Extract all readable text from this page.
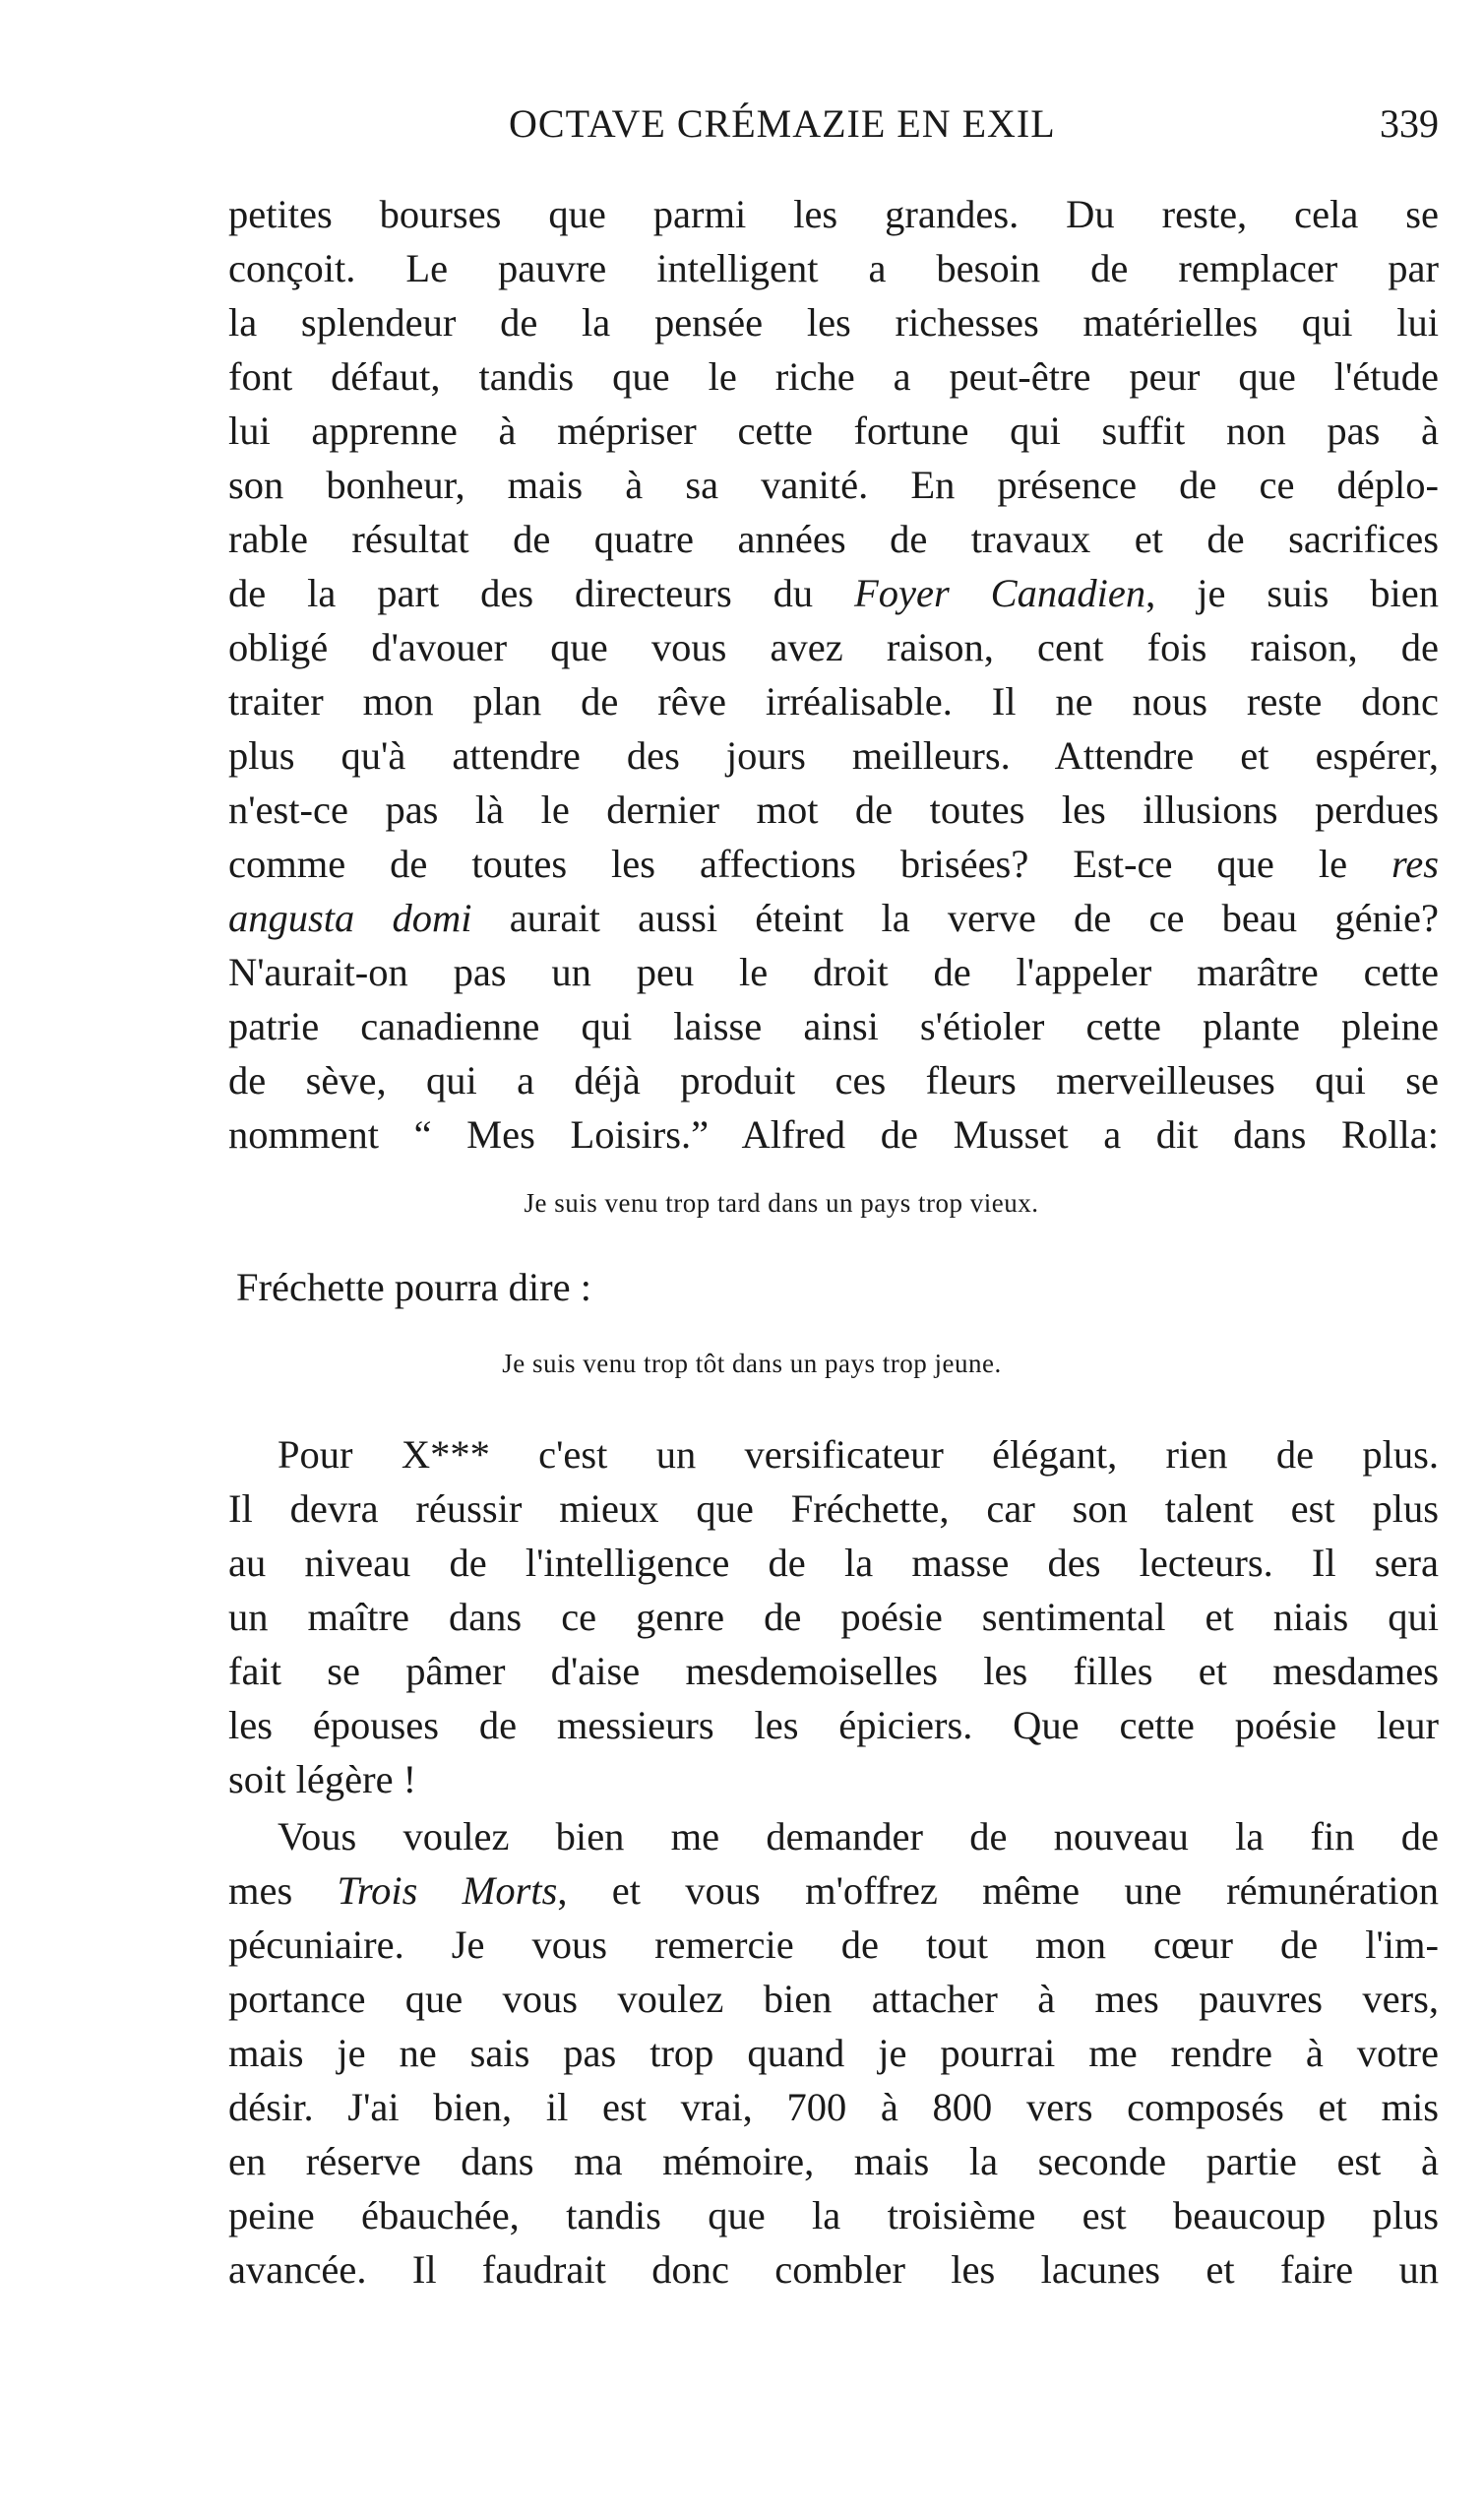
OCTAVE CRÉMAZIE EN EXIL	339
petites bourses que parmi les grandes. Du reste, cela se
conçoit. Le pauvre intelligent a besoin de remplacer par
la splendeur de la pensée les richesses matérielles qui lui
font défaut, tandis que le riche a peut-être peur que l'étude
lui apprenne à mépriser cette fortune qui suffit non pas à
son bonheur, mais à sa vanité. En présence de ce déplo-
rable résultat de quatre années de travaux et de sacrifices
de la part des directeurs du Foyer Canadien, je suis bien
obligé d'avouer que vous avez raison, cent fois raison, de
traiter mon plan de rêve irréalisable. Il ne nous reste donc
plus qu'à attendre des jours meilleurs. Attendre et espérer,
n'est-ce pas là le dernier mot de toutes les illusions perdues
comme de toutes les affections brisées? Est-ce que le res
angusta domi aurait aussi éteint la verve de ce beau génie?
N'aurait-on pas un peu le droit de l'appeler marâtre cette
patrie canadienne qui laisse ainsi s'étioler cette plante pleine
de sève, qui a déjà produit ces fleurs merveilleuses qui se
nomment “ Mes Loisirs.” Alfred de Musset a dit dans Rolla:

Je suis venu trop tard dans un pays trop vieux.

Fréchette pourra dire :

Je suis venu trop tôt dans un pays trop jeune.

Pour X*** c'est un versificateur élégant, rien de plus.
Il devra réussir mieux que Fréchette, car son talent est plus
au niveau de l'intelligence de la masse des lecteurs. Il sera
un maître dans ce genre de poésie sentimental et niais qui
fait se pâmer d'aise mesdemoiselles les filles et mesdames
les épouses de messieurs les épiciers. Que cette poésie leur
soit légère !
Vous voulez bien me demander de nouveau la fin de
mes Trois Morts, et vous m'offrez même une rémunération
pécuniaire. Je vous remercie de tout mon cœur de l'im-
portance que vous voulez bien attacher à mes pauvres vers,
mais je ne sais pas trop quand je pourrai me rendre à votre
désir. J'ai bien, il est vrai, 700 à 800 vers composés et mis
en réserve dans ma mémoire, mais la seconde partie est à
peine ébauchée, tandis que la troisième est beaucoup plus
avancée. Il faudrait donc combler les lacunes et faire un
